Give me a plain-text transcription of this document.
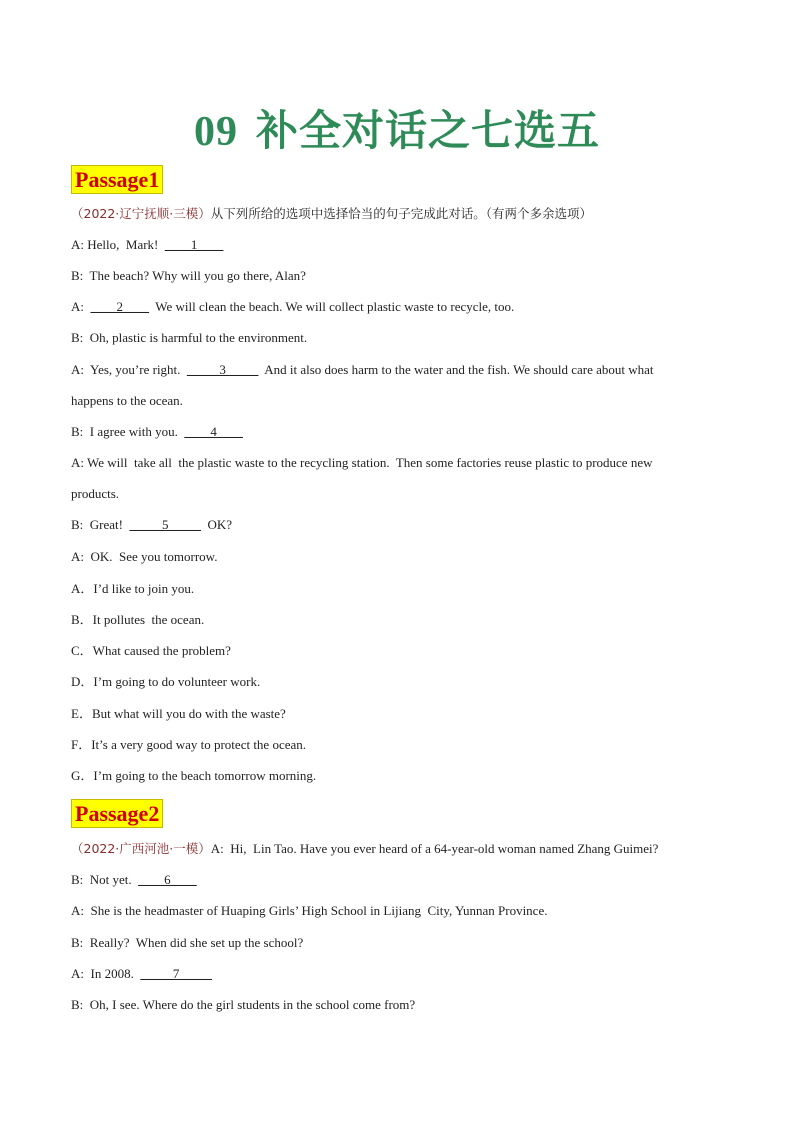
09 补全对话之七选五
Passage1
（2022·辽宁抚顺·三模）从下列所给的选项中选择恰当的句子完成此对话。（有两个多余选项）
A: Hello,  Mark!  ____1____
B:  The beach? Why will you go there, Alan?
A:  ____2____  We will clean the beach. We will collect plastic waste to recycle, too.
B:  Oh, plastic is harmful to the environment.
A:  Yes, you’re right.  _____3_____  And it also does harm to the water and the fish. We should care about what
happens to the ocean.
B:  I agree with you.  ____4____
A: We will  take all  the plastic waste to the recycling station.  Then some factories reuse plastic to produce new
products.
B:  Great!  _____5_____  OK?
A:  OK.  See you tomorrow.
A．I’d like to join you.
B．It pollutes  the ocean.
C．What caused the problem?
D．I’m going to do volunteer work.
E．But what will you do with the waste?
F．It’s a very good way to protect the ocean.
G．I’m going to the beach tomorrow morning.
Passage2
（2022·广西河池·一模）A:  Hi,  Lin Tao. Have you ever heard of a 64-year-old woman named Zhang Guimei?
B:  Not yet.  ____6____
A:  She is the headmaster of Huaping Girls’ High School in Lijiang  City, Yunnan Province.
B:  Really?  When did she set up the school?
A:  In 2008.  _____7_____
B:  Oh, I see. Where do the girl students in the school come from?
